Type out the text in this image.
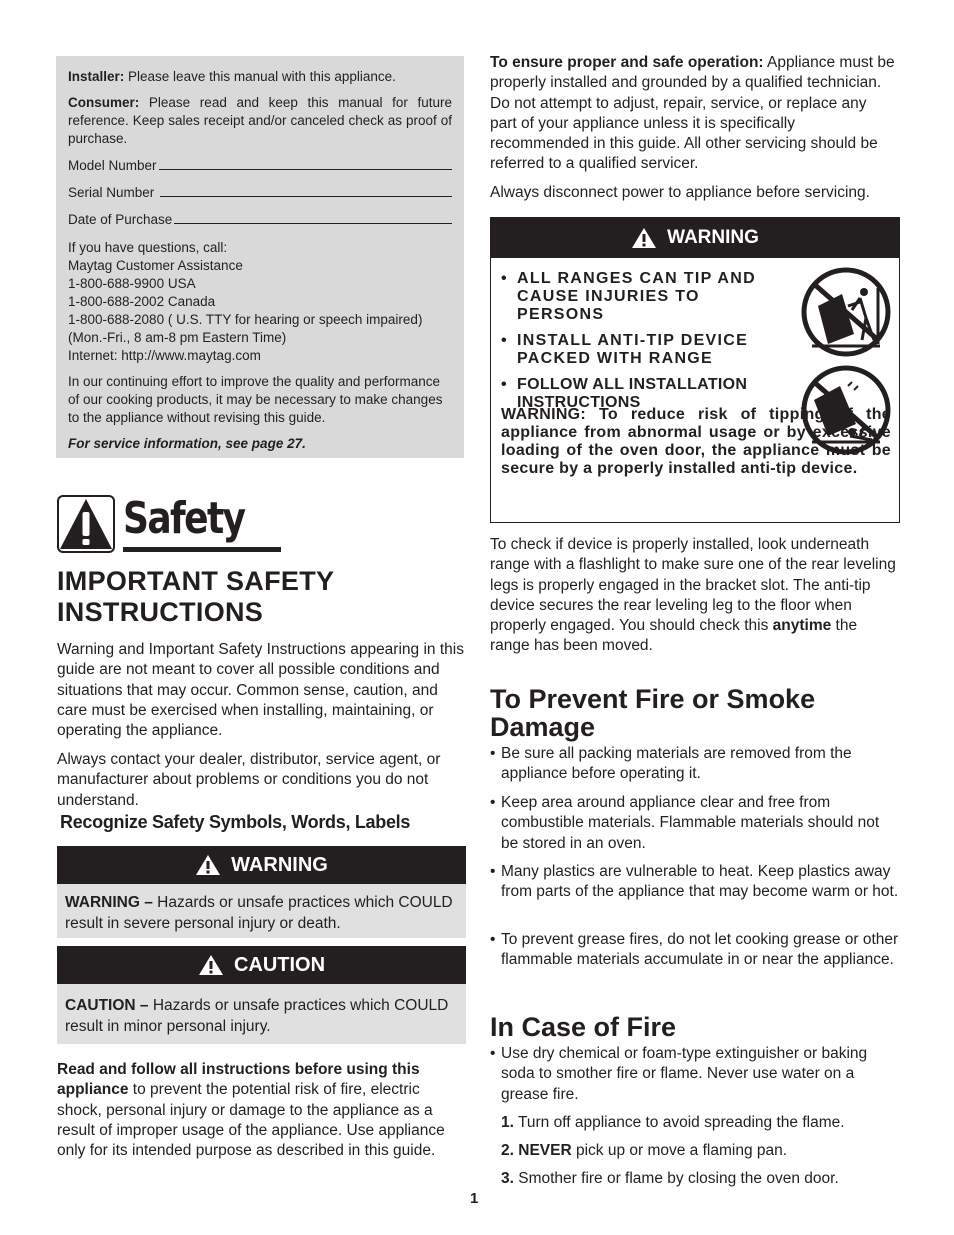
Installer: Please leave this manual with this appliance.

Consumer: Please read and keep this manual for future reference. Keep sales receipt and/or canceled check as proof of purchase.

Model Number
Serial Number
Date of Purchase

If you have questions, call:
Maytag Customer Assistance
1-800-688-9900 USA
1-800-688-2002 Canada
1-800-688-2080 ( U.S. TTY for hearing or speech impaired)
(Mon.-Fri., 8 am-8 pm Eastern Time)
Internet: http://www.maytag.com

In our continuing effort to improve the quality and performance of our cooking products, it may be necessary to make changes to the appliance without revising this guide.

For service information, see page 27.

Safety
IMPORTANT SAFETY
INSTRUCTIONS

Warning and Important Safety Instructions appearing in this guide are not meant to cover all possible conditions and situations that may occur. Common sense, caution, and care must be exercised when installing, maintaining, or operating the appliance.

Always contact your dealer, distributor, service agent, or manufacturer about problems or conditions you do not understand.

Recognize Safety Symbols, Words, Labels
WARNING
WARNING – Hazards or unsafe practices which COULD result in severe personal injury or death.
CAUTION
CAUTION – Hazards or unsafe practices which COULD result in minor personal injury.

Read and follow all instructions before using this appliance to prevent the potential risk of fire, electric shock, personal injury or damage to the appliance as a result of improper usage of the appliance. Use appliance only for its intended purpose as described in this guide.

To ensure proper and safe operation: Appliance must be properly installed and grounded by a qualified technician. Do not attempt to adjust, repair, service, or replace any part of your appliance unless it is specifically recommended in this guide. All other servicing should be referred to a qualified servicer.

Always disconnect power to appliance before servicing.

WARNING
• ALL RANGES CAN TIP AND CAUSE INJURIES TO PERSONS
• INSTALL ANTI-TIP DEVICE PACKED WITH RANGE
• FOLLOW ALL INSTALLATION INSTRUCTIONS

WARNING: To reduce risk of tipping of the appliance from abnormal usage or by excessive loading of the oven door, the appliance must be secure by a properly installed anti-tip device.

To check if device is properly installed, look underneath range with a flashlight to make sure one of the rear leveling legs is properly engaged in the bracket slot. The anti-tip device secures the rear leveling leg to the floor when properly engaged. You should check this anytime the range has been moved.

To Prevent Fire or Smoke
Damage
• Be sure all packing materials are removed from the appliance before operating it.
• Keep area around appliance clear and free from combustible materials. Flammable materials should not be stored in an oven.
• Many plastics are vulnerable to heat. Keep plastics away from parts of the appliance that may become warm or hot.
• To prevent grease fires, do not let cooking grease or other flammable materials accumulate in or near the appliance.
In Case of Fire
• Use dry chemical or foam-type extinguisher or baking soda to smother fire or flame. Never use water on a grease fire.
1. Turn off appliance to avoid spreading the flame.
2. NEVER pick up or move a flaming pan.
3. Smother fire or flame by closing the oven door.
1
